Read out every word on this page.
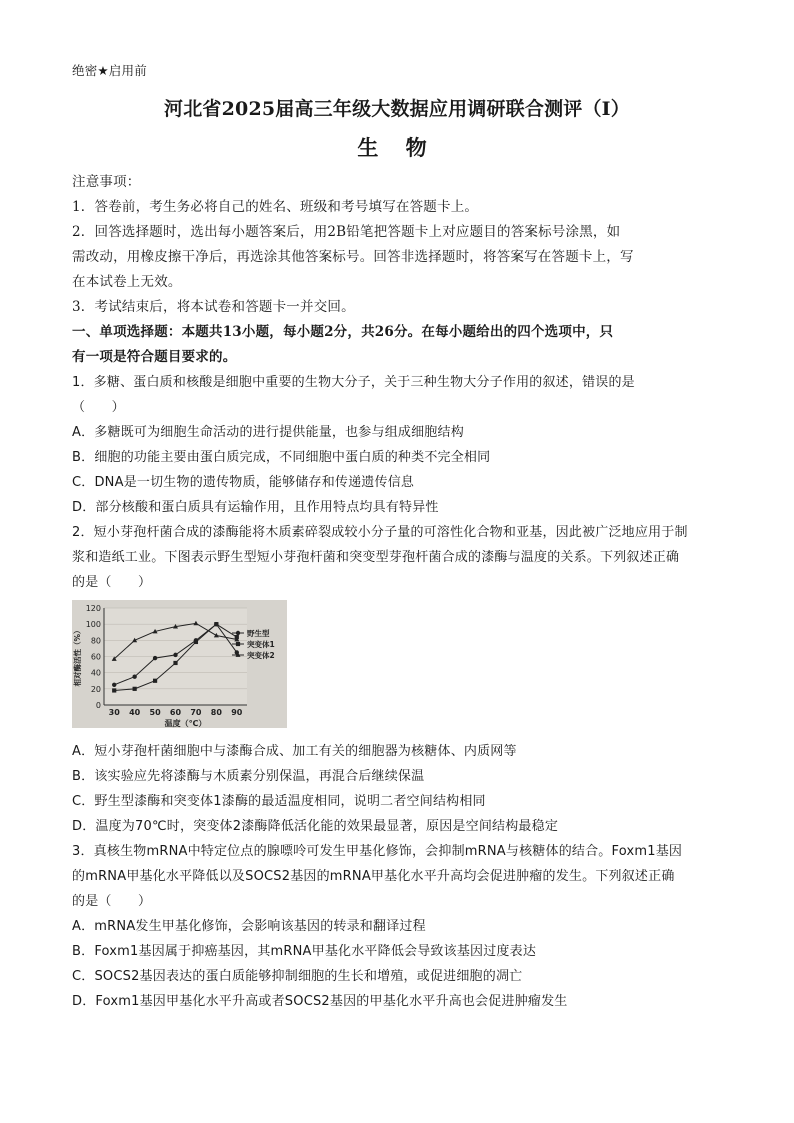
绝密★启用前
河北省2025届高三年级大数据应用调研联合测评（I）
生 物
注意事项：
1．答卷前，考生务必将自己的姓名、班级和考号填写在答题卡上。
2．回答选择题时，选出每小题答案后，用2B铅笔把答题卡上对应题目的答案标号涂黑，如
需改动，用橡皮擦干净后，再选涂其他答案标号。回答非选择题时，将答案写在答题卡上，写
在本试卷上无效。
3．考试结束后，将本试卷和答题卡一并交回。
一、单项选择题：本题共13小题，每小题2分，共26分。在每小题给出的四个选项中，只
有一项是符合题目要求的。
1．多糖、蛋白质和核酸是细胞中重要的生物大分子，关于三种生物大分子作用的叙述，错误的是
（　　）
A．多糖既可为细胞生命活动的进行提供能量，也参与组成细胞结构
B．细胞的功能主要由蛋白质完成，不同细胞中蛋白质的种类不完全相同
C．DNA是一切生物的遗传物质，能够储存和传递遗传信息
D．部分核酸和蛋白质具有运输作用，且作用特点均具有特异性
2．短小芽孢杆菌合成的漆酶能将木质素碎裂成较小分子量的可溶性化合物和亚基，因此被广泛地应用于制
浆和造纸工业。下图表示野生型短小芽孢杆菌和突变型芽孢杆菌合成的漆酶与温度的关系。下列叙述正确
的是（　　）
0
20
40
60
80
100
120
30 40 50 60 70 80 90
温度（℃）
相对酶活性（%）	野生型
突变体1
突变体2
A．短小芽孢杆菌细胞中与漆酶合成、加工有关的细胞器为核糖体、内质网等
B．该实验应先将漆酶与木质素分别保温，再混合后继续保温
C．野生型漆酶和突变体1漆酶的最适温度相同，说明二者空间结构相同
D．温度为70℃时，突变体2漆酶降低活化能的效果最显著，原因是空间结构最稳定
3．真核生物mRNA中特定位点的腺嘌呤可发生甲基化修饰，会抑制mRNA与核糖体的结合。Foxm1基因
的mRNA甲基化水平降低以及SOCS2基因的mRNA甲基化水平升高均会促进肿瘤的发生。下列叙述正确
的是（　　）
A．mRNA发生甲基化修饰，会影响该基因的转录和翻译过程
B．Foxm1基因属于抑癌基因，其mRNA甲基化水平降低会导致该基因过度表达
C．SOCS2基因表达的蛋白质能够抑制细胞的生长和增殖，或促进细胞的凋亡
D．Foxm1基因甲基化水平升高或者SOCS2基因的甲基化水平升高也会促进肿瘤发生
